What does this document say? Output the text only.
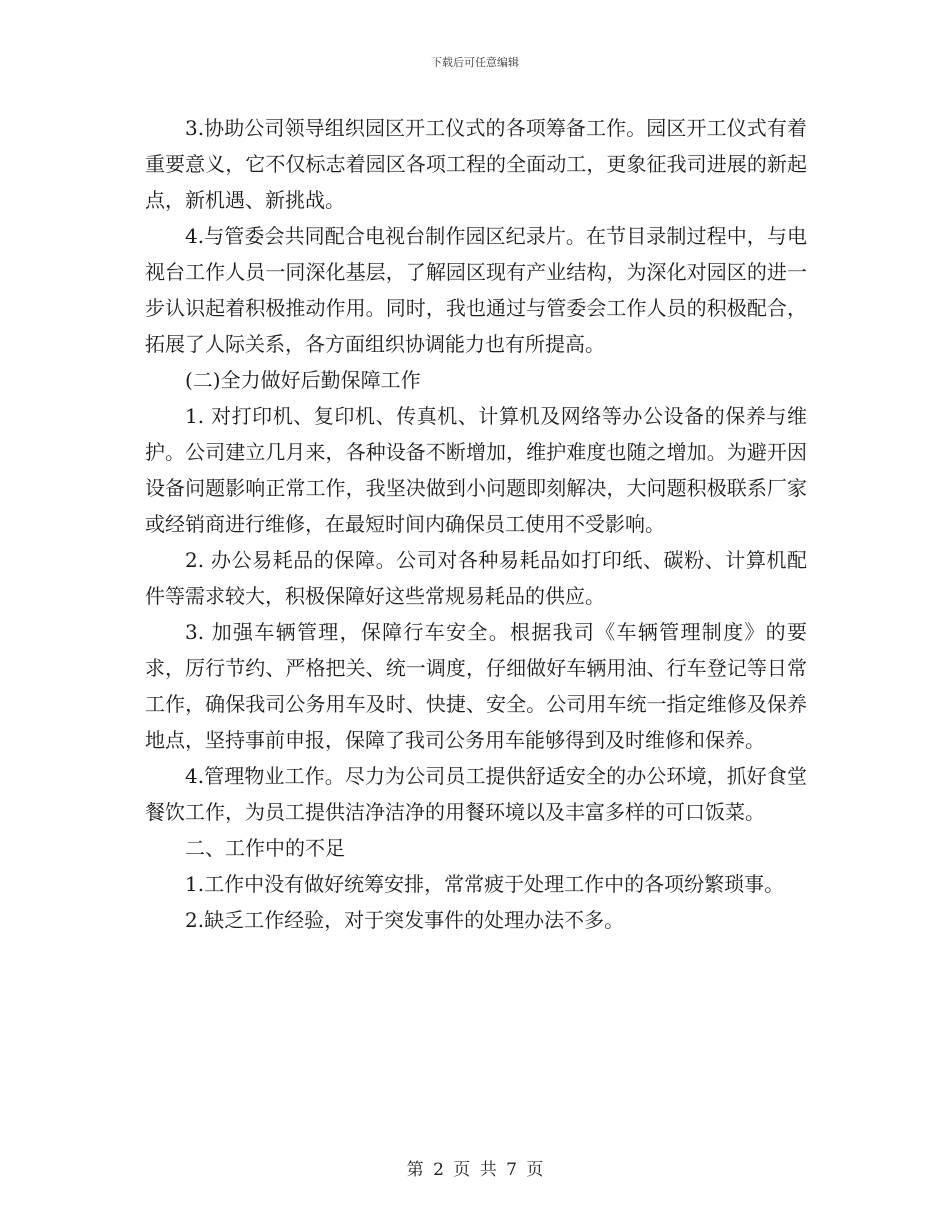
下载后可任意编辑

3.协助公司领导组织园区开工仪式的各项筹备工作。园区开工仪式有着重要意义，它不仅标志着园区各项工程的全面动工，更象征我司进展的新起点，新机遇、新挑战。

4.与管委会共同配合电视台制作园区纪录片。在节目录制过程中，与电视台工作人员一同深化基层，了解园区现有产业结构，为深化对园区的进一步认识起着积极推动作用。同时，我也通过与管委会工作人员的积极配合，拓展了人际关系，各方面组织协调能力也有所提高。

(二)全力做好后勤保障工作

1. 对打印机、复印机、传真机、计算机及网络等办公设备的保养与维护。公司建立几月来，各种设备不断增加，维护难度也随之增加。为避开因设备问题影响正常工作，我坚决做到小问题即刻解决，大问题积极联系厂家或经销商进行维修，在最短时间内确保员工使用不受影响。

2. 办公易耗品的保障。公司对各种易耗品如打印纸、碳粉、计算机配件等需求较大，积极保障好这些常规易耗品的供应。

3. 加强车辆管理，保障行车安全。根据我司《车辆管理制度》的要求，厉行节约、严格把关、统一调度，仔细做好车辆用油、行车登记等日常工作，确保我司公务用车及时、快捷、安全。公司用车统一指定维修及保养地点，坚持事前申报，保障了我司公务用车能够得到及时维修和保养。

4.管理物业工作。尽力为公司员工提供舒适安全的办公环境，抓好食堂餐饮工作，为员工提供洁净洁净的用餐环境以及丰富多样的可口饭菜。

二、工作中的不足

1.工作中没有做好统筹安排，常常疲于处理工作中的各项纷繁琐事。

2.缺乏工作经验，对于突发事件的处理办法不多。

第 2 页 共 7 页
